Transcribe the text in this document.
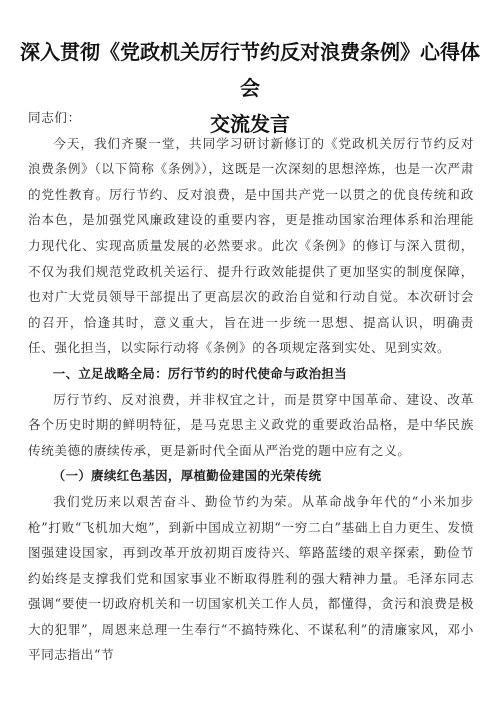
深入贯彻《党政机关厉行节约反对浪费条例》心得体会
交流发言

同志们：

今天，我们齐聚一堂，共同学习研讨新修订的《党政机关厉行节约反对浪费条例》（以下简称《条例》），这既是一次深刻的思想淬炼，也是一次严肃的党性教育。厉行节约、反对浪费，是中国共产党一以贯之的优良传统和政治本色，是加强党风廉政建设的重要内容，更是推动国家治理体系和治理能力现代化、实现高质量发展的必然要求。此次《条例》的修订与深入贯彻，不仅为我们规范党政机关运行、提升行政效能提供了更加坚实的制度保障，也对广大党员领导干部提出了更高层次的政治自觉和行动自觉。本次研讨会的召开，恰逢其时，意义重大，旨在进一步统一思想、提高认识，明确责任、强化担当，以实际行动将《条例》的各项规定落到实处、见到实效。

一、立足战略全局：厉行节约的时代使命与政治担当

厉行节约、反对浪费，并非权宜之计，而是贯穿中国革命、建设、改革各个历史时期的鲜明特征，是马克思主义政党的重要政治品格，是中华民族传统美德的赓续传承，更是新时代全面从严治党的题中应有之义。

（一）赓续红色基因，厚植勤俭建国的光荣传统

我们党历来以艰苦奋斗、勤俭节约为荣。从革命战争年代的“小米加步枪”打败“飞机加大炮”，到新中国成立初期“一穷二白”基础上自力更生、发愤图强建设国家，再到改革开放初期百废待兴、筚路蓝缕的艰辛探索，勤俭节约始终是支撑我们党和国家事业不断取得胜利的强大精神力量。毛泽东同志强调“要使一切政府机关和一切国家机关工作人员，都懂得，贪污和浪费是极大的犯罪”，周恩来总理一生奉行“不搞特殊化、不谋私利”的清廉家风，邓小平同志指出“节
